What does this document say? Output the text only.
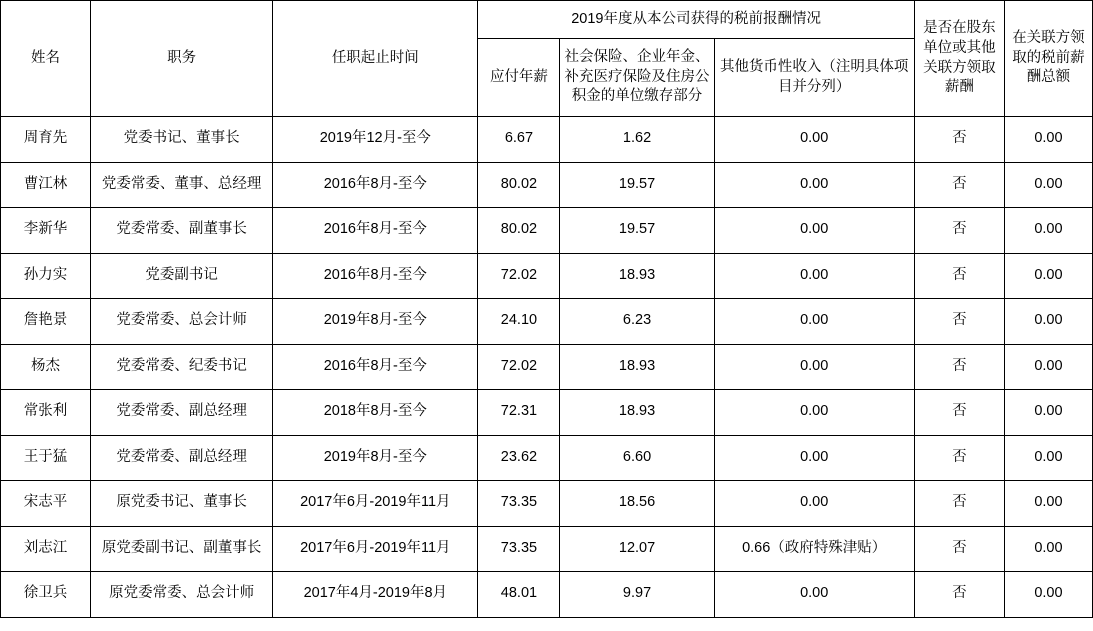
姓名	职务	任职起止时间	2019年度从本公司获得的税前报酬情况			是否在股东单位或其他关联方领取薪酬	在关联方领取的税前薪酬总额
			应付年薪	社会保险、企业年金、补充医疗保险及住房公积金的单位缴存部分	其他货币性收入（注明具体项目并分列）		
周育先	党委书记、董事长	2019年12月-至今	6.67	1.62	0.00	否	0.00
曹江林	党委常委、董事、总经理	2016年8月-至今	80.02	19.57	0.00	否	0.00
李新华	党委常委、副董事长	2016年8月-至今	80.02	19.57	0.00	否	0.00
孙力实	党委副书记	2016年8月-至今	72.02	18.93	0.00	否	0.00
詹艳景	党委常委、总会计师	2019年8月-至今	24.10	6.23	0.00	否	0.00
杨杰	党委常委、纪委书记	2016年8月-至今	72.02	18.93	0.00	否	0.00
常张利	党委常委、副总经理	2018年8月-至今	72.31	18.93	0.00	否	0.00
王于猛	党委常委、副总经理	2019年8月-至今	23.62	6.60	0.00	否	0.00
宋志平	原党委书记、董事长	2017年6月-2019年11月	73.35	18.56	0.00	否	0.00
刘志江	原党委副书记、副董事长	2017年6月-2019年11月	73.35	12.07	0.66（政府特殊津贴）	否	0.00
徐卫兵	原党委常委、总会计师	2017年4月-2019年8月	48.01	9.97	0.00	否	0.00
